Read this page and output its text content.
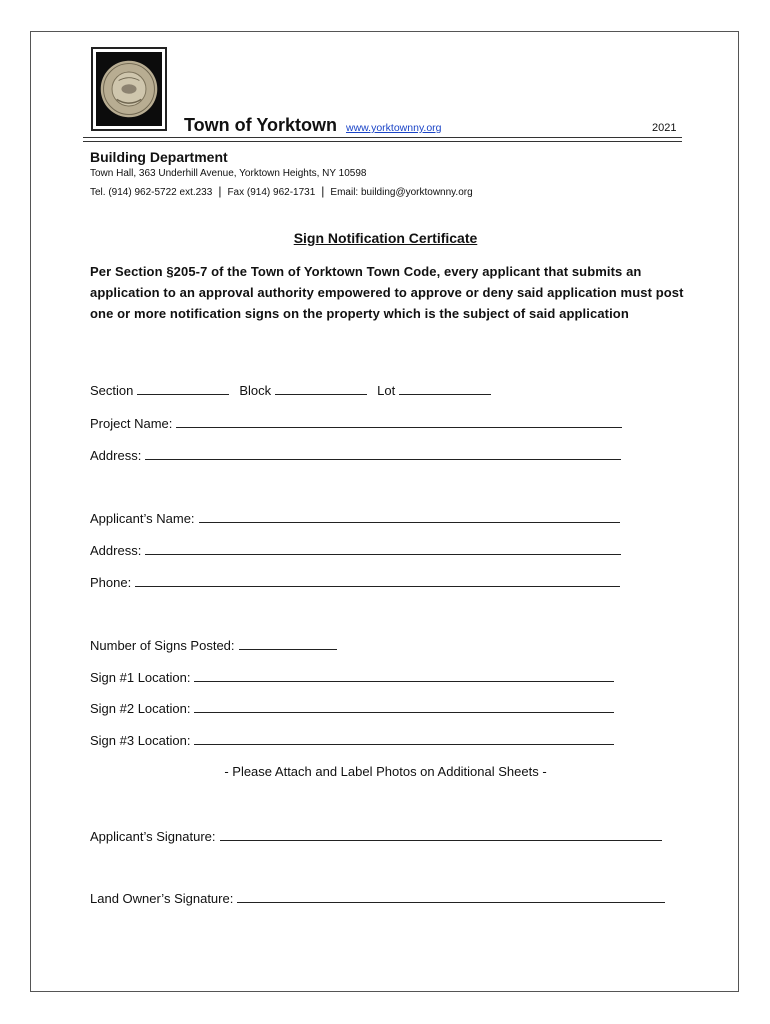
Town of Yorktown www.yorktownny.org	2021
Building Department
Town Hall, 363 Underhill Avenue, Yorktown Heights, NY 10598
Tel. (914) 962-5722 ext.233 | Fax (914) 962-1731 | Email: building@yorktownny.org
Sign Notification Certificate
Per Section §205-7 of the Town of Yorktown Town Code, every applicant that submits an application to an approval authority empowered to approve or deny said application must post one or more notification signs on the property which is the subject of said application
Section	Block	Lot
Project Name:
Address:
Applicant’s Name:
Address:
Phone:
Number of Signs Posted:
Sign #1 Location:
Sign #2 Location:
Sign #3 Location:
- Please Attach and Label Photos on Additional Sheets -
Applicant’s Signature:
Land Owner’s Signature:
